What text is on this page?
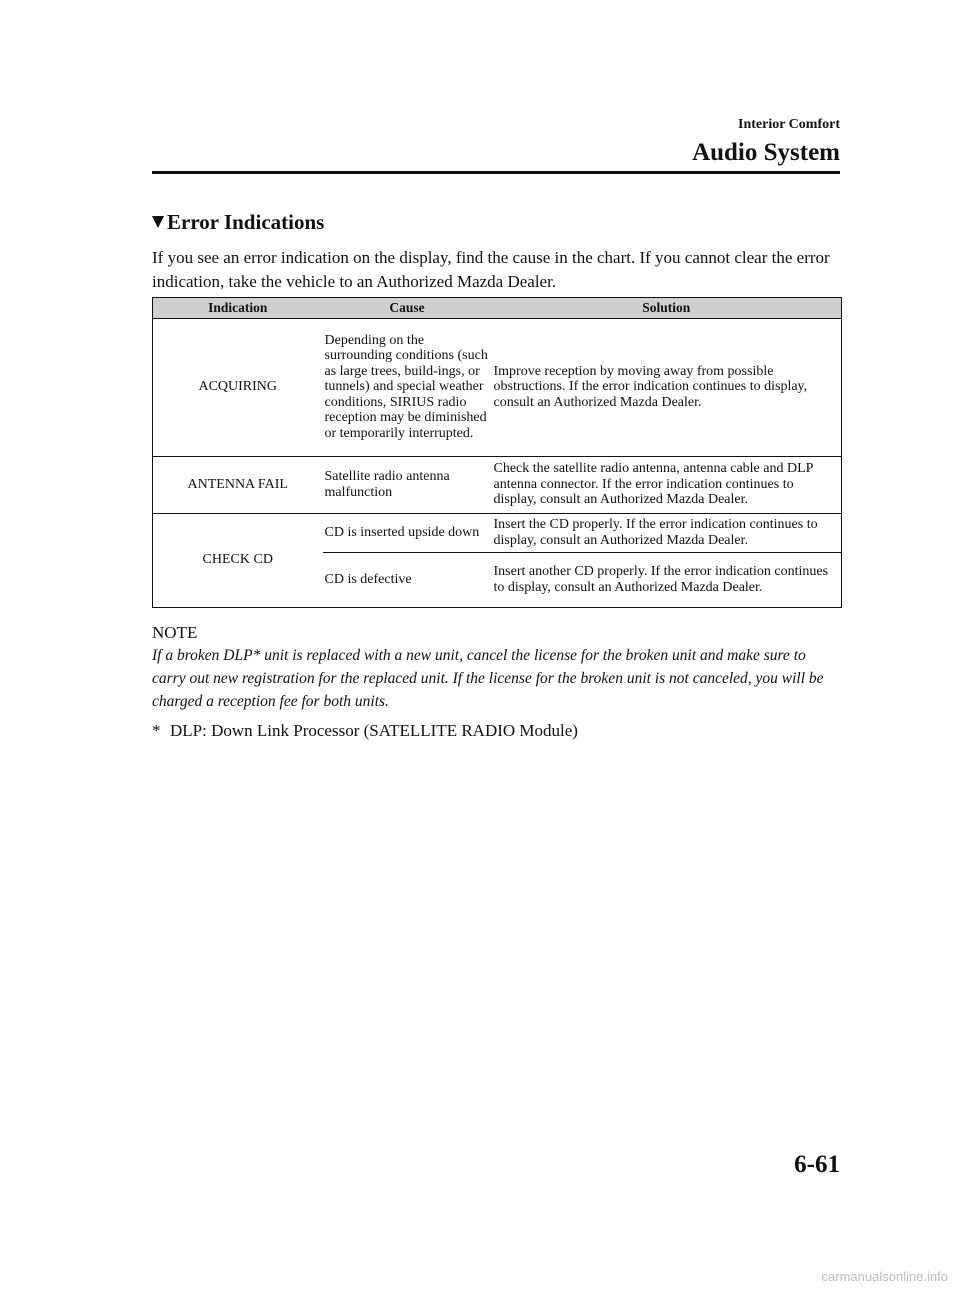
Interior Comfort
Audio System
Error Indications

If you see an error indication on the display, find the cause in the chart. If you cannot clear the error indication, take the vehicle to an Authorized Mazda Dealer.

Indication	Cause	Solution
ACQUIRING	Depending on the surrounding conditions (such as large trees, build-ings, or tunnels) and special weather conditions, SIRIUS radio reception may be diminished or temporarily interrupted.	Improve reception by moving away from possible obstructions. If the error indication continues to display, consult an Authorized Mazda Dealer.
ANTENNA FAIL	Satellite radio antenna malfunction	Check the satellite radio antenna, antenna cable and DLP antenna connector. If the error indication continues to display, consult an Authorized Mazda Dealer.
CHECK CD	CD is inserted upside down	Insert the CD properly. If the error indication continues to display, consult an Authorized Mazda Dealer.
	CD is defective	Insert another CD properly. If the error indication continues to display, consult an Authorized Mazda Dealer.
NOTE

If a broken DLP* unit is replaced with a new unit, cancel the license for the broken unit and make sure to carry out new registration for the replaced unit. If the license for the broken unit is not canceled, you will be charged a reception fee for both units.

* DLP: Down Link Processor (SATELLITE RADIO Module)
6-61
carmanualsonline.info
